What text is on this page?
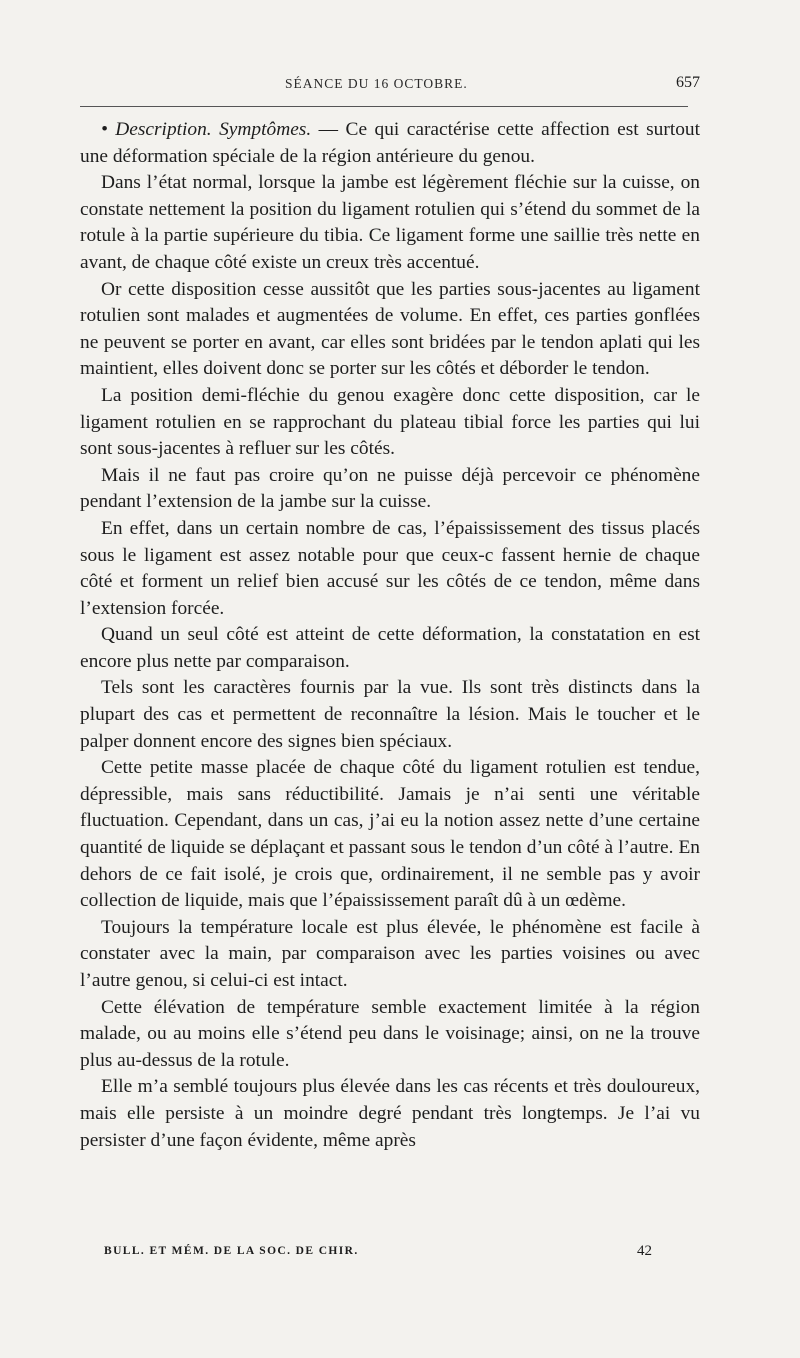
SÉANCE DU 16 OCTOBRE.	657

• Description. Symptômes. — Ce qui caractérise cette affection est surtout une déformation spéciale de la région antérieure du genou.

Dans l’état normal, lorsque la jambe est légèrement fléchie sur la cuisse, on constate nettement la position du ligament rotulien qui s’étend du sommet de la rotule à la partie supérieure du tibia. Ce ligament forme une saillie très nette en avant, de chaque côté existe un creux très accentué.

Or cette disposition cesse aussitôt que les parties sous-jacentes au ligament rotulien sont malades et augmentées de volume. En effet, ces parties gonflées ne peuvent se porter en avant, car elles sont bridées par le tendon aplati qui les maintient, elles doivent donc se porter sur les côtés et déborder le tendon.

La position demi-fléchie du genou exagère donc cette disposition, car le ligament rotulien en se rapprochant du plateau tibial force les parties qui lui sont sous-jacentes à refluer sur les côtés.

Mais il ne faut pas croire qu’on ne puisse déjà percevoir ce phénomène pendant l’extension de la jambe sur la cuisse.

En effet, dans un certain nombre de cas, l’épaississement des tissus placés sous le ligament est assez notable pour que ceux-c fassent hernie de chaque côté et forment un relief bien accusé sur les côtés de ce tendon, même dans l’extension forcée.

Quand un seul côté est atteint de cette déformation, la constatation en est encore plus nette par comparaison.

Tels sont les caractères fournis par la vue. Ils sont très distincts dans la plupart des cas et permettent de reconnaître la lésion. Mais le toucher et le palper donnent encore des signes bien spéciaux.

Cette petite masse placée de chaque côté du ligament rotulien est tendue, dépressible, mais sans réductibilité. Jamais je n’ai senti une véritable fluctuation. Cependant, dans un cas, j’ai eu la notion assez nette d’une certaine quantité de liquide se déplaçant et passant sous le tendon d’un côté à l’autre. En dehors de ce fait isolé, je crois que, ordinairement, il ne semble pas y avoir collection de liquide, mais que l’épaississement paraît dû à un œdème.

Toujours la température locale est plus élevée, le phénomène est facile à constater avec la main, par comparaison avec les parties voisines ou avec l’autre genou, si celui-ci est intact.

Cette élévation de température semble exactement limitée à la région malade, ou au moins elle s’étend peu dans le voisinage; ainsi, on ne la trouve plus au-dessus de la rotule.

Elle m’a semblé toujours plus élevée dans les cas récents et très douloureux, mais elle persiste à un moindre degré pendant très longtemps. Je l’ai vu persister d’une façon évidente, même après

BULL. ET MÉM. DE LA SOC. DE CHIR.	42
